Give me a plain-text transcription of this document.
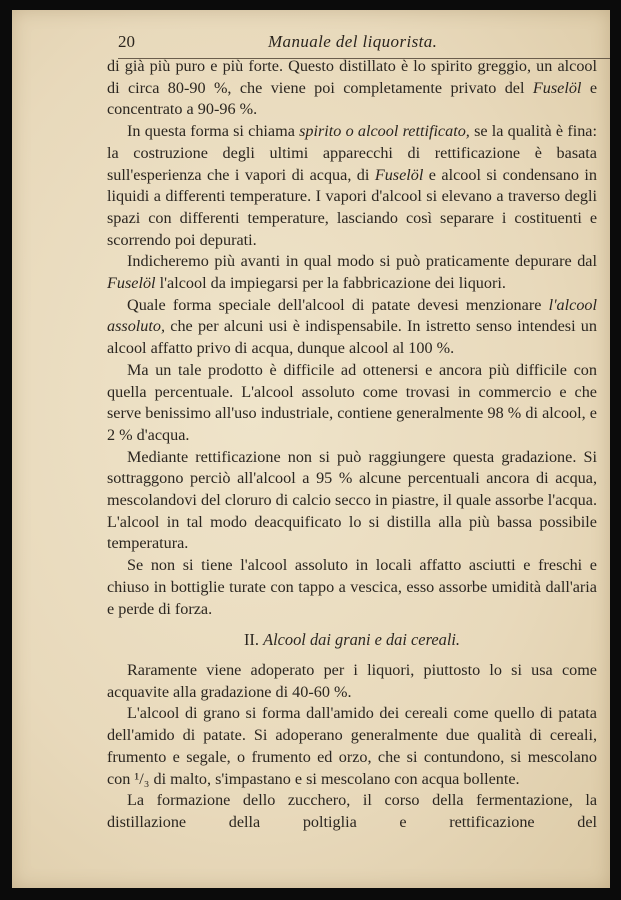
20	Manuale del liquorista.

di già più puro e più forte. Questo distillato è lo spirito greggio, un alcool di circa 80-90 %, che viene poi completamente privato del Fuselöl e concentrato a 90-96 %.

In questa forma si chiama spirito o alcool rettificato, se la qualità è fina: la costruzione degli ultimi apparecchi di rettificazione è basata sull'esperienza che i vapori di acqua, di Fuselöl e alcool si condensano in liquidi a differenti temperature. I vapori d'alcool si elevano a traverso degli spazi con differenti temperature, lasciando così separare i costituenti e scorrendo poi depurati.

Indicheremo più avanti in qual modo si può praticamente depurare dal Fuselöl l'alcool da impiegarsi per la fabbricazione dei liquori.

Quale forma speciale dell'alcool di patate devesi menzionare l'alcool assoluto, che per alcuni usi è indispensabile. In istretto senso intendesi un alcool affatto privo di acqua, dunque alcool al 100 %.

Ma un tale prodotto è difficile ad ottenersi e ancora più difficile con quella percentuale. L'alcool assoluto come trovasi in commercio e che serve benissimo all'uso industriale, contiene generalmente 98 % di alcool, e 2 % d'acqua.

Mediante rettificazione non si può raggiungere questa gradazione. Si sottraggono perciò all'alcool a 95 % alcune percentuali ancora di acqua, mescolandovi del cloruro di calcio secco in piastre, il quale assorbe l'acqua. L'alcool in tal modo deacquificato lo si distilla alla più bassa possibile temperatura.

Se non si tiene l'alcool assoluto in locali affatto asciutti e freschi e chiuso in bottiglie turate con tappo a vescica, esso assorbe umidità dall'aria e perde di forza.

II. Alcool dai grani e dai cereali.

Raramente viene adoperato per i liquori, piuttosto lo si usa come acquavite alla gradazione di 40-60 %.

L'alcool di grano si forma dall'amido dei cereali come quello di patata dell'amido di patate. Si adoperano generalmente due qualità di cereali, frumento e segale, o frumento ed orzo, che si contundono, si mescolano con ¹/₃ di malto, s'impastano e si mescolano con acqua bollente.

La formazione dello zucchero, il corso della fermentazione, la distillazione della poltiglia e rettificazione del
